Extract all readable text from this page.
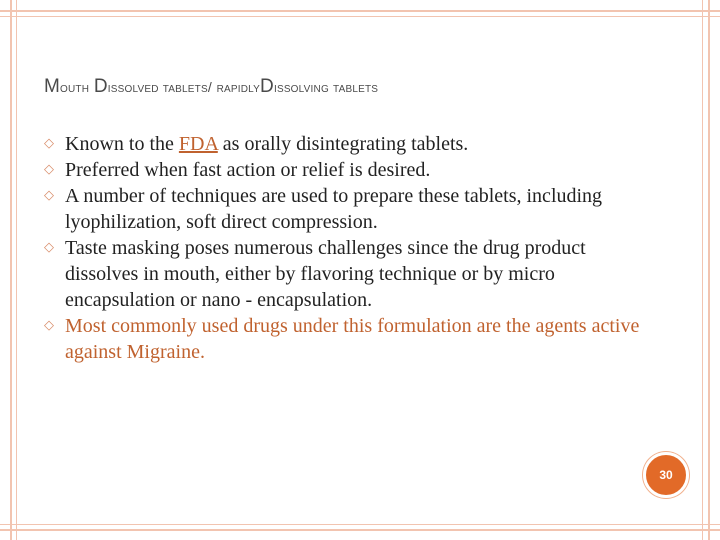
Mouth Dissolved tablets/ rapidlyDissolving tablets
◇ Known to the FDA as orally disintegrating tablets.
◇ Preferred when fast action or relief is desired.
◇ A number of techniques are used to prepare these tablets, including lyophilization, soft direct compression.
◇ Taste masking poses numerous challenges since the drug product dissolves in mouth, either by flavoring technique or by micro encapsulation or nano - encapsulation.
◇ Most commonly used drugs under this formulation are the agents active against Migraine.
30
